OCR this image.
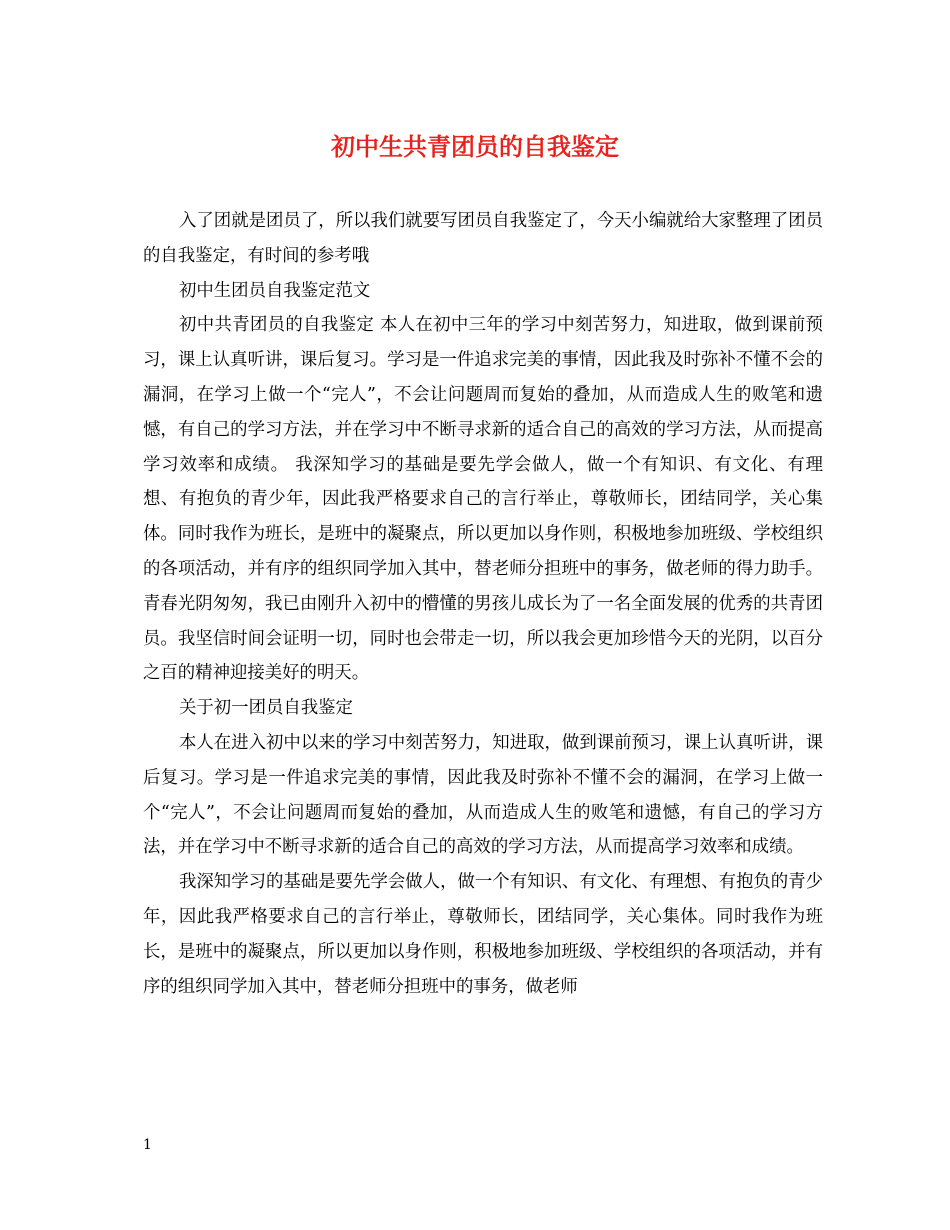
初中生共青团员的自我鉴定

入了团就是团员了，所以我们就要写团员自我鉴定了，今天小编就给大家整理了团员的自我鉴定，有时间的参考哦

初中生团员自我鉴定范文

初中共青团员的自我鉴定 本人在初中三年的学习中刻苦努力，知进取，做到课前预习，课上认真听讲，课后复习。学习是一件追求完美的事情，因此我及时弥补不懂不会的漏洞，在学习上做一个“完人”，不会让问题周而复始的叠加，从而造成人生的败笔和遗憾，有自己的学习方法，并在学习中不断寻求新的适合自己的高效的学习方法，从而提高学习效率和成绩。 我深知学习的基础是要先学会做人，做一个有知识、有文化、有理想、有抱负的青少年，因此我严格要求自己的言行举止，尊敬师长，团结同学，关心集体。同时我作为班长，是班中的凝聚点，所以更加以身作则，积极地参加班级、学校组织的各项活动，并有序的组织同学加入其中，替老师分担班中的事务，做老师的得力助手。 青春光阴匆匆，我已由刚升入初中的懵懂的男孩儿成长为了一名全面发展的优秀的共青团员。我坚信时间会证明一切，同时也会带走一切，所以我会更加珍惜今天的光阴，以百分之百的精神迎接美好的明天。

关于初一团员自我鉴定

本人在进入初中以来的学习中刻苦努力，知进取，做到课前预习，课上认真听讲，课后复习。学习是一件追求完美的事情，因此我及时弥补不懂不会的漏洞，在学习上做一个“完人”，不会让问题周而复始的叠加，从而造成人生的败笔和遗憾，有自己的学习方法，并在学习中不断寻求新的适合自己的高效的学习方法，从而提高学习效率和成绩。

我深知学习的基础是要先学会做人，做一个有知识、有文化、有理想、有抱负的青少年，因此我严格要求自己的言行举止，尊敬师长，团结同学，关心集体。同时我作为班长，是班中的凝聚点，所以更加以身作则，积极地参加班级、学校组织的各项活动，并有序的组织同学加入其中，替老师分担班中的事务，做老师

1
